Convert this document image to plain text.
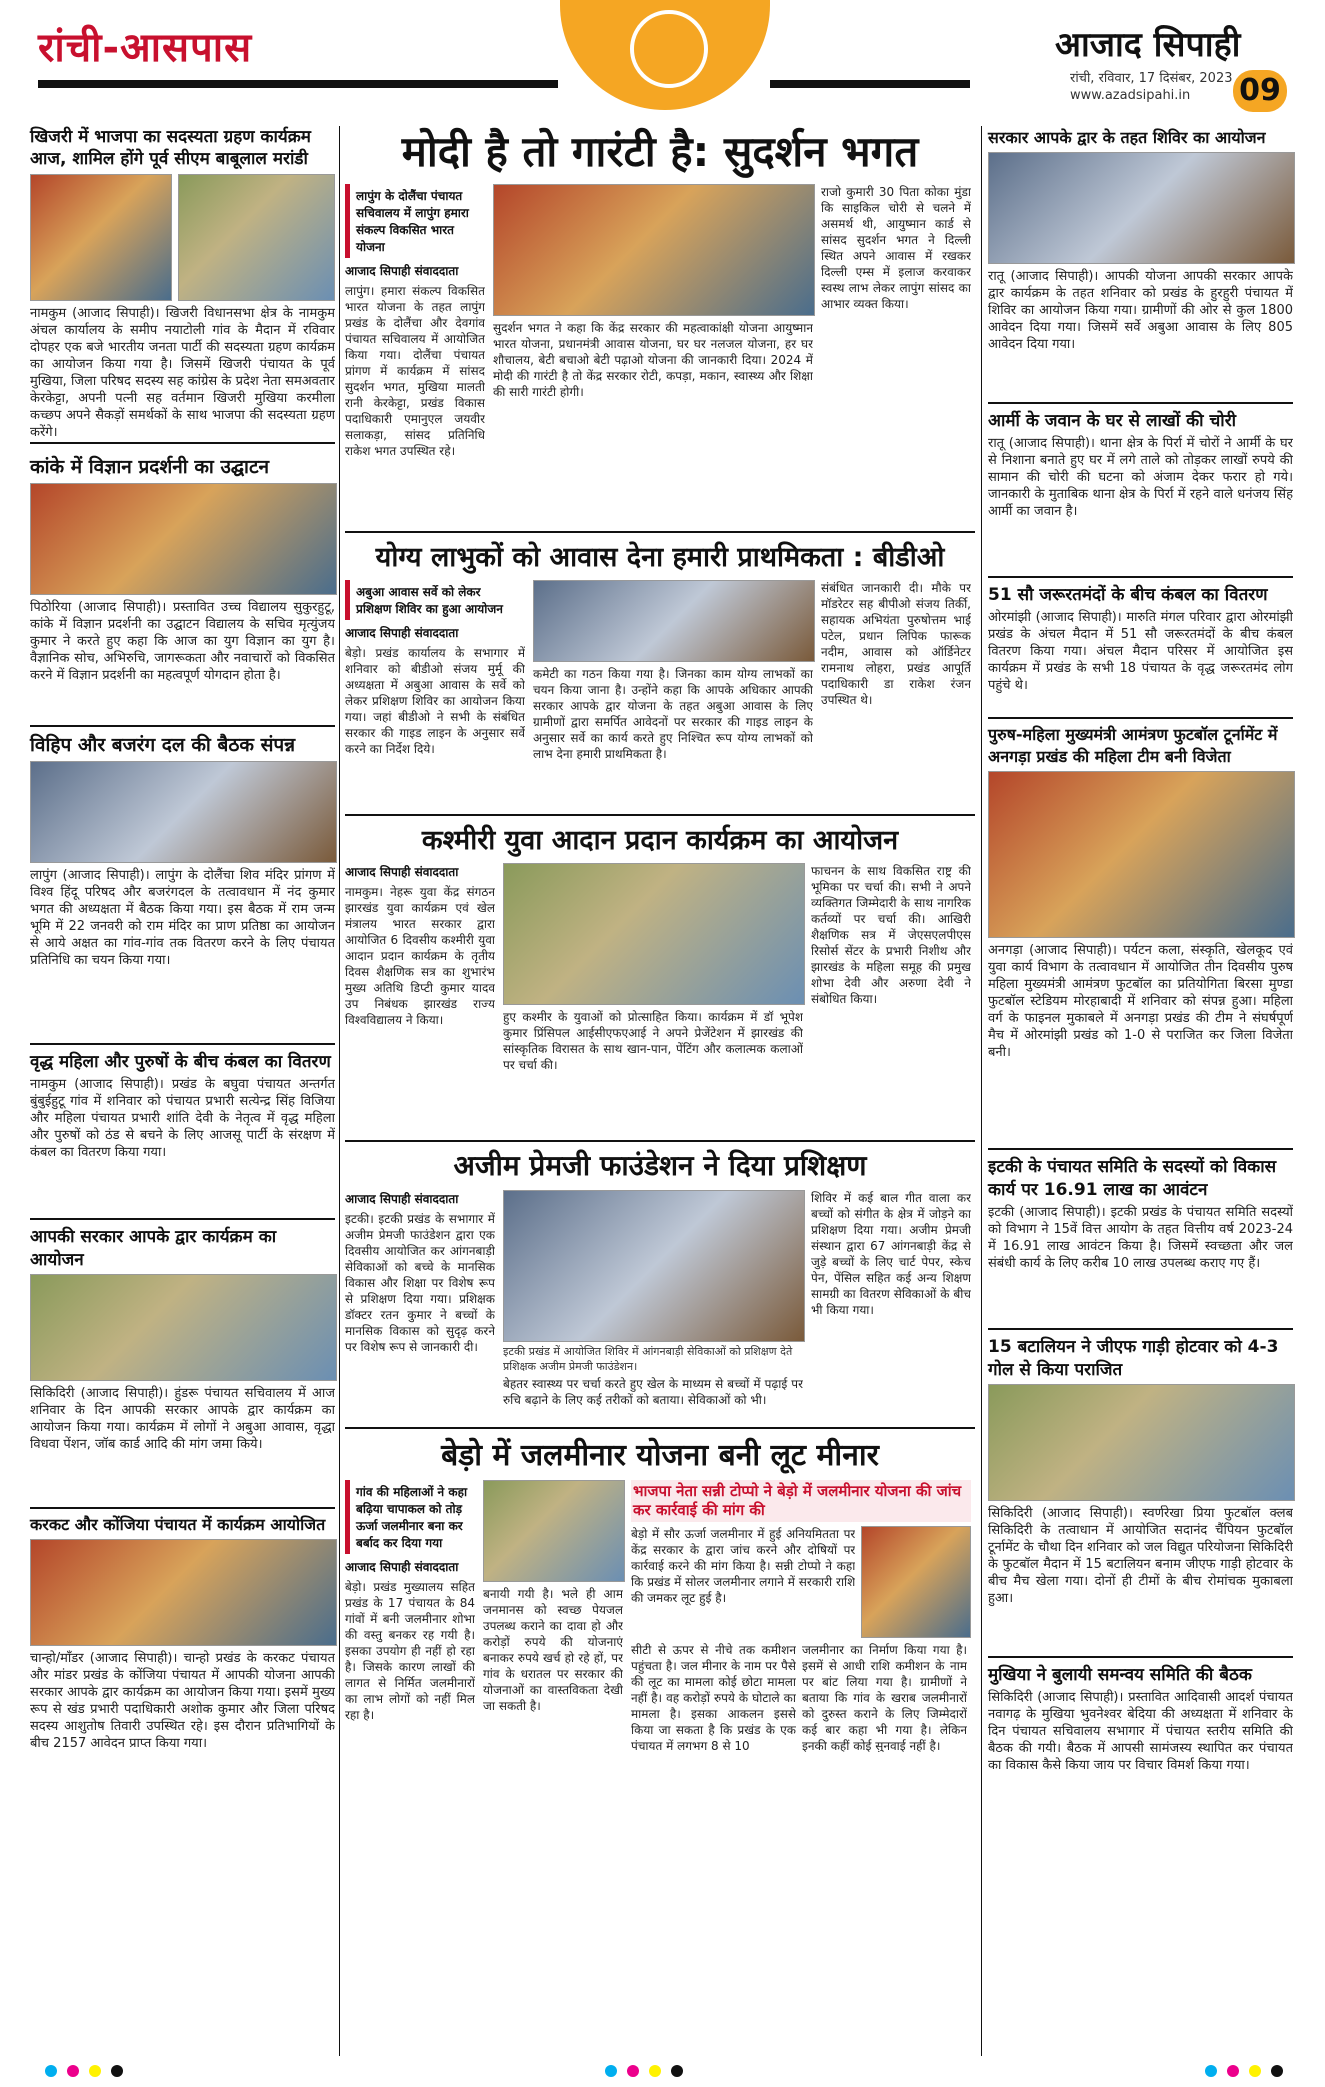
रांची-आसपास	आजाद सिपाही
रांची, रविवार, 17 दिसंबर, 2023
www.azadsipahi.in	09
खिजरी में भाजपा का सदस्यता ग्रहण कार्यक्रम आज, शामिल होंगे पूर्व सीएम बाबूलाल मरांडी
नामकुम (आजाद सिपाही)। खिजरी विधानसभा क्षेत्र के नामकुम अंचल कार्यालय के समीप नयाटोली गांव के मैदान में रविवार दोपहर एक बजे भारतीय जनता पार्टी की सदस्यता ग्रहण कार्यक्रम का आयोजन किया गया है। जिसमें खिजरी पंचायत के पूर्व मुखिया, जिला परिषद सदस्य सह कांग्रेस के प्रदेश नेता समअवतार केरकेट्टा, अपनी पत्नी सह वर्तमान खिजरी मुखिया करमीला कच्छप अपने सैकड़ों समर्थकों के साथ भाजपा की सदस्यता ग्रहण करेंगे।
कांके में विज्ञान प्रदर्शनी का उद्घाटन
पिठोरिया (आजाद सिपाही)। प्रस्तावित उच्च विद्यालय सुकुरहुटू, कांके में विज्ञान प्रदर्शनी का उद्घाटन विद्यालय के सचिव मृत्युंजय कुमार ने करते हुए कहा कि आज का युग विज्ञान का युग है। वैज्ञानिक सोच, अभिरुचि, जागरूकता और नवाचारों को विकसित करने में विज्ञान प्रदर्शनी का महत्वपूर्ण योगदान होता है।
विहिप और बजरंग दल की बैठक संपन्न
लापुंग (आजाद सिपाही)। लापुंग के दोलैंचा शिव मंदिर प्रांगण में विश्व हिंदू परिषद और बजरंगदल के तत्वावधान में नंद कुमार भगत की अध्यक्षता में बैठक किया गया। इस बैठक में राम जन्म भूमि में 22 जनवरी को राम मंदिर का प्राण प्रतिष्ठा का आयोजन से आये अक्षत का गांव-गांव तक वितरण करने के लिए पंचायत प्रतिनिधि का चयन किया गया।
वृद्ध महिला और पुरुषों के बीच कंबल का वितरण
नामकुम (आजाद सिपाही)। प्रखंड के बघुवा पंचायत अन्तर्गत बुंबुईहुटू गांव में शनिवार को पंचायत प्रभारी सत्येन्द्र सिंह विजिया और महिला पंचायत प्रभारी शांति देवी के नेतृत्व में वृद्ध महिला और पुरुषों को ठंड से बचने के लिए आजसू पार्टी के संरक्षण में कंबल का वितरण किया गया।
आपकी सरकार आपके द्वार कार्यक्रम का आयोजन
सिकिदिरी (आजाद सिपाही)। हुंडरू पंचायत सचिवालय में आज शनिवार के दिन आपकी सरकार आपके द्वार कार्यक्रम का आयोजन किया गया। कार्यक्रम में लोगों ने अबुआ आवास, वृद्धा विधवा पेंशन, जॉब कार्ड आदि की मांग जमा किये।
करकट और कोंजिया पंचायत में कार्यक्रम आयोजित
चान्हो/माँडर (आजाद सिपाही)। चान्हो प्रखंड के करकट पंचायत और मांडर प्रखंड के कोंजिया पंचायत में आपकी योजना आपकी सरकार आपके द्वार कार्यक्रम का आयोजन किया गया। इसमें मुख्य रूप से खंड प्रभारी पदाधिकारी अशोक कुमार और जिला परिषद सदस्य आशुतोष तिवारी उपस्थित रहे। इस दौरान प्रतिभागियों के बीच 2157 आवेदन प्राप्त किया गया।
मोदी है तो गारंटी है: सुदर्शन भगत
लापुंग के दोलैंचा पंचायत सचिवालय में लापुंग हमारा संकल्प विकसित भारत योजना
आजाद सिपाही संवाददाता
लापुंग। हमारा संकल्प विकसित भारत योजना के तहत लापुंग प्रखंड के दोलैंचा और देवगांव पंचायत सचिवालय में आयोजित किया गया। दोलैंचा पंचायत प्रांगण में कार्यक्रम में सांसद सुदर्शन भगत, मुखिया मालती रानी केरकेट्टा, प्रखंड विकास पदाधिकारी एमानुएल जयवीर सलाकड़ा, सांसद प्रतिनिधि राकेश भगत उपस्थित रहे।
सुदर्शन भगत ने कहा कि केंद्र सरकार की महत्वाकांक्षी योजना आयुष्मान भारत योजना, प्रधानमंत्री आवास योजना, घर घर नलजल योजना, हर घर शौचालय, बेटी बचाओ बेटी पढ़ाओ योजना की जानकारी दिया। 2024 में मोदी की गारंटी है तो केंद्र सरकार रोटी, कपड़ा, मकान, स्वास्थ्य और शिक्षा की सारी गारंटी होगी।
राजो कुमारी 30 पिता कोका मुंडा कि साइकिल चोरी से चलने में असमर्थ थी, आयुष्मान कार्ड से सांसद सुदर्शन भगत ने दिल्ली स्थित अपने आवास में रखकर दिल्ली एम्स में इलाज करवाकर स्वस्थ लाभ लेकर लापुंग सांसद का आभार व्यक्त किया।
योग्य लाभुकों को आवास देना हमारी प्राथमिकता : बीडीओ
अबुआ आवास सर्वे को लेकर प्रशिक्षण शिविर का हुआ आयोजन
आजाद सिपाही संवाददाता
बेड़ो। प्रखंड कार्यालय के सभागार में शनिवार को बीडीओ संजय मुर्मू की अध्यक्षता में अबुआ आवास के सर्वे को लेकर प्रशिक्षण शिविर का आयोजन किया गया। जहां बीडीओ ने सभी के संबंधित सरकार की गाइड लाइन के अनुसार सर्वे करने का निर्देश दिये।
कमेटी का गठन किया गया है। जिनका काम योग्य लाभकों का चयन किया जाना है। उन्होंने कहा कि आपके अधिकार आपकी सरकार आपके द्वार योजना के तहत अबुआ आवास के लिए ग्रामीणों द्वारा समर्पित आवेदनों पर सरकार की गाइड लाइन के अनुसार सर्वे का कार्य करते हुए निश्चित रूप योग्य लाभकों को लाभ देना हमारी प्राथमिकता है।
संबंधित जानकारी दी। मौके पर मॉडरेटर सह बीपीओ संजय तिर्की, सहायक अभियंता पुरुषोत्तम भाई पटेल, प्रधान लिपिक फारूक नदीम, आवास को ऑर्डिनेटर रामनाथ लोहरा, प्रखंड आपूर्ति पदाधिकारी डा राकेश रंजन उपस्थित थे।
कश्मीरी युवा आदान प्रदान कार्यक्रम का आयोजन
आजाद सिपाही संवाददाता
नामकुम। नेहरू युवा केंद्र संगठन झारखंड युवा कार्यक्रम एवं खेल मंत्रालय भारत सरकार द्वारा आयोजित 6 दिवसीय कश्मीरी युवा आदान प्रदान कार्यक्रम के तृतीय दिवस शैक्षणिक सत्र का शुभारंभ मुख्य अतिथि डिप्टी कुमार यादव उप निबंधक झारखंड राज्य विश्वविद्यालय ने किया।	हुए कश्मीर के युवाओं को प्रोत्साहित किया। कार्यक्रम में डॉ भूपेश कुमार प्रिंसिपल आईसीएफएआई ने अपने प्रेजेंटेशन में झारखंड की सांस्कृतिक विरासत के साथ खान-पान, पेंटिंग और कलात्मक कलाओं पर चर्चा की।
फाचनन के साथ विकसित राष्ट्र की भूमिका पर चर्चा की। सभी ने अपने व्यक्तिगत जिम्मेदारी के साथ नागरिक कर्तव्यों पर चर्चा की। आखिरी शैक्षणिक सत्र में जेएसएलपीएस रिसोर्स सेंटर के प्रभारी निशीथ और झारखंड के महिला समूह की प्रमुख शोभा देवी और अरुणा देवी ने संबोधित किया।
अजीम प्रेमजी फाउंडेशन ने दिया प्रशिक्षण
आजाद सिपाही संवाददाता
इटकी। इटकी प्रखंड के सभागार में अजीम प्रेमजी फाउंडेशन द्वारा एक दिवसीय आयोजित कर आंगनबाड़ी सेविकाओं को बच्चे के मानसिक विकास और शिक्षा पर विशेष रूप से प्रशिक्षण दिया गया। प्रशिक्षक डॉक्टर रतन कुमार ने बच्चों के मानसिक विकास को सुदृढ़ करने पर विशेष रूप से जानकारी दी।	इटकी प्रखंड में आयोजित शिविर में आंगनबाड़ी सेविकाओं को प्रशिक्षण देते प्रशिक्षक अजीम प्रेमजी फाउंडेशन।
बेहतर स्वास्थ्य पर चर्चा करते हुए खेल के माध्यम से बच्चों में पढ़ाई पर रुचि बढ़ाने के लिए कई तरीकों को बताया। सेविकाओं को भी।
शिविर में कई बाल गीत वाला कर बच्चों को संगीत के क्षेत्र में जोड़ने का प्रशिक्षण दिया गया। अजीम प्रेमजी संस्थान द्वारा 67 आंगनबाड़ी केंद्र से जुड़े बच्चों के लिए चार्ट पेपर, स्केच पेन, पेंसिल सहित कई अन्य शिक्षण सामग्री का वितरण सेविकाओं के बीच भी किया गया।
बेड़ो में जलमीनार योजना बनी लूट मीनार
गांव की महिलाओं ने कहा बढ़िया चापाकल को तोड़ ऊर्जा जलमीनार बना कर बर्बाद कर दिया गया
आजाद सिपाही संवाददाता
बेड़ो। प्रखंड मुख्यालय सहित प्रखंड के 17 पंचायत के 84 गांवों में बनी जलमीनार शोभा की वस्तु बनकर रह गयी है। इसका उपयोग ही नहीं हो रहा है। जिसके कारण लाखों की लागत से निर्मित जलमीनारों का लाभ लोगों को नहीं मिल रहा है।
बनायी गयी है। भले ही आम जनमानस को स्वच्छ पेयजल उपलब्ध कराने का दावा हो और करोड़ों रुपये की योजनाएं बनाकर रुपये खर्च हो रहे हों, पर गांव के धरातल पर सरकार की योजनाओं का वास्तविकता देखी जा सकती है।
भाजपा नेता सन्नी टोप्पो ने बेड़ो में जलमीनार योजना की जांच कर कार्रवाई की मांग की
बेड़ो में सौर ऊर्जा जलमीनार में हुई अनियमितता पर केंद्र सरकार के द्वारा जांच करने और दोषियों पर कार्रवाई करने की मांग किया है। सन्नी टोप्पो ने कहा कि प्रखंड में सोलर जलमीनार लगाने में सरकारी राशि की जमकर लूट हुई है।
सीटी से ऊपर से नीचे तक कमीशन पहुंचता है। जल मीनार के नाम पर पैसे की लूट का मामला कोई छोटा मामला नहीं है। वह करोड़ों रुपये के घोटाले का मामला है। इसका आकलन इससे किया जा सकता है कि प्रखंड के एक पंचायत में लगभग 8 से 10
जलमीनार का निर्माण किया गया है। इसमें से आधी राशि कमीशन के नाम पर बांट लिया गया है। ग्रामीणों ने बताया कि गांव के खराब जलमीनारों को दुरुस्त कराने के लिए जिम्मेदारों कई बार कहा भी गया है। लेकिन इनकी कहीं कोई सुनवाई नहीं है।
सरकार आपके द्वार के तहत शिविर का आयोजन
रातू (आजाद सिपाही)। आपकी योजना आपकी सरकार आपके द्वार कार्यक्रम के तहत शनिवार को प्रखंड के हुरहुरी पंचायत में शिविर का आयोजन किया गया। ग्रामीणों की ओर से कुल 1800 आवेदन दिया गया। जिसमें सर्वे अबुआ आवास के लिए 805 आवेदन दिया गया।
आर्मी के जवान के घर से लाखों की चोरी
रातू (आजाद सिपाही)। थाना क्षेत्र के पिर्रा में चोरों ने आर्मी के घर से निशाना बनाते हुए घर में लगे ताले को तोड़कर लाखों रुपये की सामान की चोरी की घटना को अंजाम देकर फरार हो गये। जानकारी के मुताबिक थाना क्षेत्र के पिर्रा में रहने वाले धनंजय सिंह आर्मी का जवान है।
51 सौ जरूरतमंदों के बीच कंबल का वितरण
ओरमांझी (आजाद सिपाही)। मारुति मंगल परिवार द्वारा ओरमांझी प्रखंड के अंचल मैदान में 51 सौ जरूरतमंदों के बीच कंबल वितरण किया गया। अंचल मैदान परिसर में आयोजित इस कार्यक्रम में प्रखंड के सभी 18 पंचायत के वृद्ध जरूरतमंद लोग पहुंचे थे।
पुरुष-महिला मुख्यमंत्री आमंत्रण फुटबॉल टूर्नामेंट में अनगड़ा प्रखंड की महिला टीम बनी विजेता
अनगड़ा (आजाद सिपाही)। पर्यटन कला, संस्कृति, खेलकूद एवं युवा कार्य विभाग के तत्वावधान में आयोजित तीन दिवसीय पुरुष महिला मुख्यमंत्री आमंत्रण फुटबॉल का प्रतियोगिता बिरसा मुण्डा फुटबॉल स्टेडियम मोरहाबादी में शनिवार को संपन्न हुआ। महिला वर्ग के फाइनल मुकाबले में अनगड़ा प्रखंड की टीम ने संघर्षपूर्ण मैच में ओरमांझी प्रखंड को 1-0 से पराजित कर जिला विजेता बनी।
इटकी के पंचायत समिति के सदस्यों को विकास कार्य पर 16.91 लाख का आवंटन
इटकी (आजाद सिपाही)। इटकी प्रखंड के पंचायत समिति सदस्यों को विभाग ने 15वें वित्त आयोग के तहत वित्तीय वर्ष 2023-24 में 16.91 लाख आवंटन किया है। जिसमें स्वच्छता और जल संबंधी कार्य के लिए करीब 10 लाख उपलब्ध कराए गए हैं।
15 बटालियन ने जीएफ गाड़ी होटवार को 4-3 गोल से किया पराजित
सिकिदिरी (आजाद सिपाही)। स्वर्णरेखा प्रिया फुटबॉल क्लब सिकिदिरी के तत्वाधान में आयोजित सदानंद चैंपियन फुटबॉल टूर्नामेंट के चौथा दिन शनिवार को जल विद्युत परियोजना सिकिदिरी के फुटबॉल मैदान में 15 बटालियन बनाम जीएफ गाड़ी होटवार के बीच मैच खेला गया। दोनों ही टीमों के बीच रोमांचक मुकाबला हुआ।
मुखिया ने बुलायी समन्वय समिति की बैठक
सिकिदिरी (आजाद सिपाही)। प्रस्तावित आदिवासी आदर्श पंचायत नवागढ़ के मुखिया भुवनेश्वर बेदिया की अध्यक्षता में शनिवार के दिन पंचायत सचिवालय सभागार में पंचायत स्तरीय समिति की बैठक की गयी। बैठक में आपसी सामंजस्य स्थापित कर पंचायत का विकास कैसे किया जाय पर विचार विमर्श किया गया।
